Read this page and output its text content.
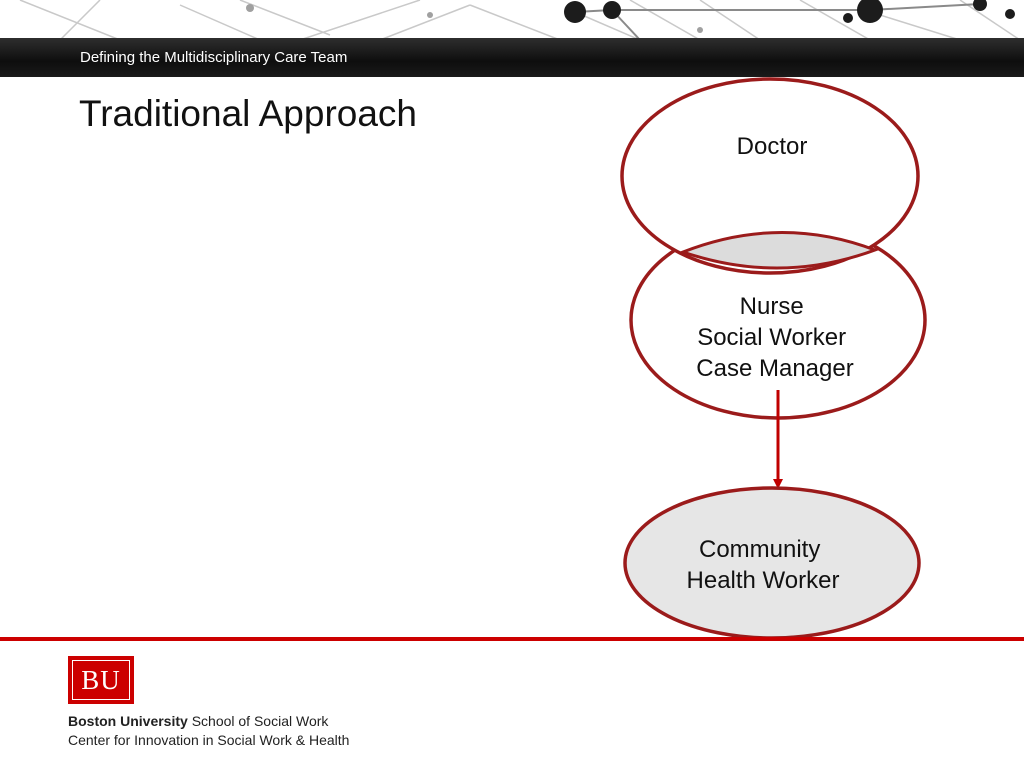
Defining the Multidisciplinary Care Team
Traditional Approach
Doctor
Nurse Social Worker Case Manager
Community Health Worker
BU
Boston University School of Social Work
Center for Innovation in Social Work & Health
